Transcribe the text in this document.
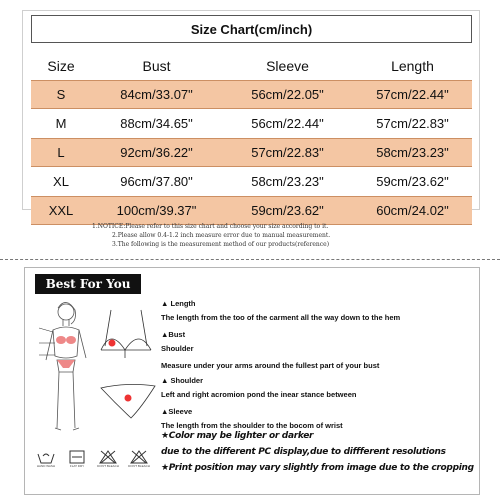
Size Chart(cm/inch)
Size	Bust	Sleeve	Length
S	84cm/33.07"	56cm/22.05"	57cm/22.44"
M	88cm/34.65"	56cm/22.44"	57cm/22.83"
L	92cm/36.22"	57cm/22.83"	58cm/23.23"
XL	96cm/37.80"	58cm/23.23"	59cm/23.62"
XXL	100cm/39.37"	59cm/23.62"	60cm/24.02"
1.NOTICE:Please refer to this size chart and choose your size according to it.
2.Please allow 0.4-1.2 inch measure error due to manual measurement.
3.The following is the measurement method of our products(reference)
Best For You
HAND WASH	FLAT DRY	DON'T BLEACH	DON'T BLEACH
▲ Length
The length from the too of the carment all the way down to the hem
▲Bust
Shoulder
Measure under your arms around the fullest part of your bust
▲ Shoulder
Left and right acromion pond the inear stance between
▲Sleeve
The length from the shoulder to the bocom of wrist
★Color may be lighter or darker
due to the different PC display,due to diffferent resolutions
★Print position may vary slightly from image due to the cropping
